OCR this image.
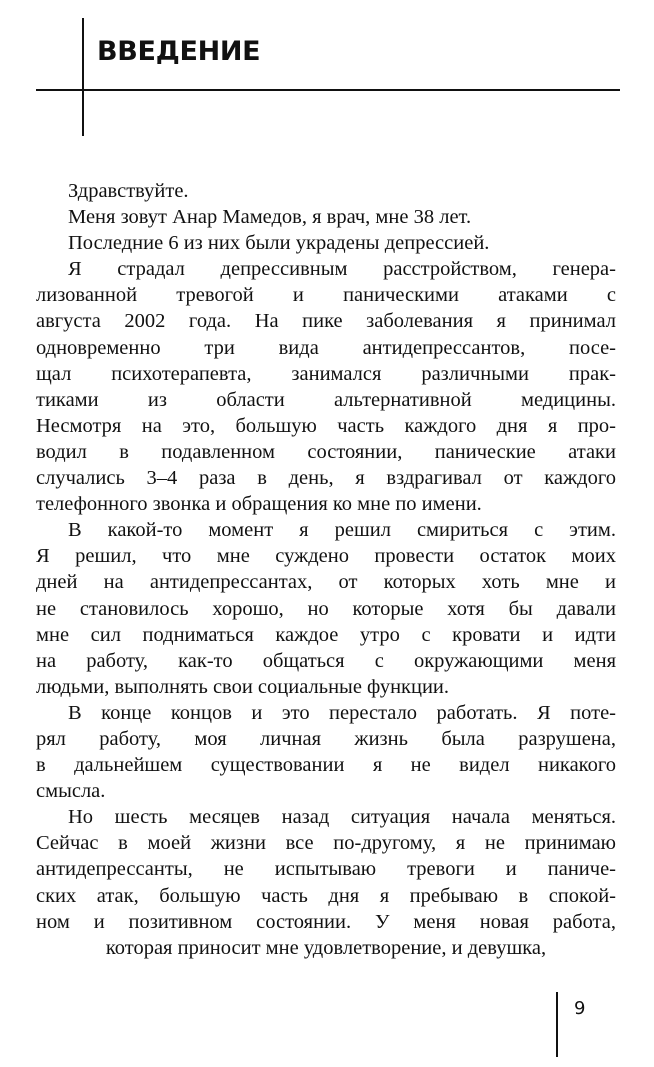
ВВЕДЕНИЕ

Здравствуйте.

Меня зовут Анар Мамедов, я врач, мне 38 лет.

Последние 6 из них были украдены депрессией.

Я страдал депрессивным расстройством, генера-
лизованной тревогой и паническими атаками с
августа 2002 года. На пике заболевания я принимал
одновременно три вида антидепрессантов, посе-
щал психотерапевта, занимался различными прак-
тиками из области альтернативной медицины.
Несмотря на это, большую часть каждого дня я про-
водил в подавленном состоянии, панические атаки
случались 3–4 раза в день, я вздрагивал от каждого
телефонного звонка и обращения ко мне по имени.

В какой-то момент я решил смириться с этим.
Я решил, что мне суждено провести остаток моих
дней на антидепрессантах, от которых хоть мне и
не становилось хорошо, но которые хотя бы давали
мне сил подниматься каждое утро с кровати и идти
на работу, как-то общаться с окружающими меня
людьми, выполнять свои социальные функции.

В конце концов и это перестало работать. Я поте-
рял работу, моя личная жизнь была разрушена,
в дальнейшем существовании я не видел никакого
смысла.

Но шесть месяцев назад ситуация начала меняться.
Сейчас в моей жизни все по-другому, я не принимаю
антидепрессанты, не испытываю тревоги и паниче-
ских атак, большую часть дня я пребываю в спокой-
ном и позитивном состоянии. У меня новая работа,
которая приносит мне удовлетворение, и девушка,

9
